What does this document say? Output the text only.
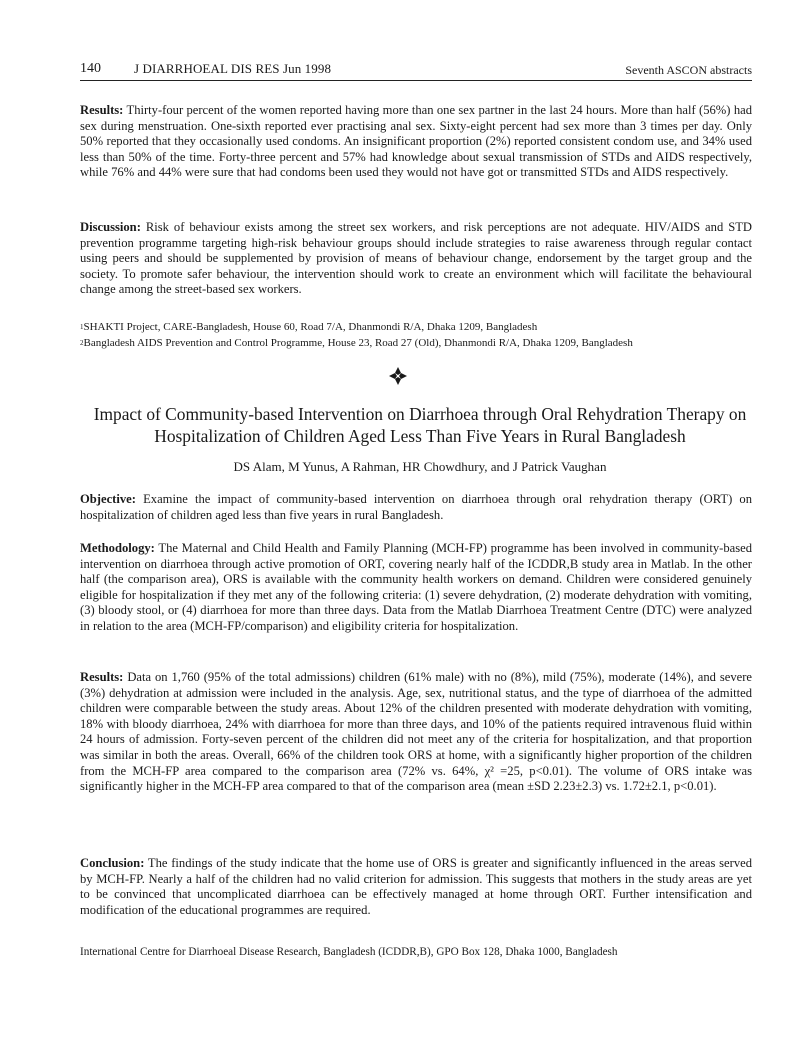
140	J DIARRHOEAL DIS RES Jun 1998	Seventh ASCON abstracts

Results: Thirty-four percent of the women reported having more than one sex partner in the last 24 hours. More than half (56%) had sex during menstruation. One-sixth reported ever practising anal sex. Sixty-eight percent had sex more than 3 times per day. Only 50% reported that they occasionally used condoms. An insignificant proportion (2%) reported consistent condom use, and 34% used less than 50% of the time. Forty-three percent and 57% had knowledge about sexual transmission of STDs and AIDS respectively, while 76% and 44% were sure that had condoms been used they would not have got or transmitted STDs and AIDS respectively.

Discussion: Risk of behaviour exists among the street sex workers, and risk perceptions are not adequate. HIV/AIDS and STD prevention programme targeting high-risk behaviour groups should include strategies to raise awareness through regular contact using peers and should be supplemented by provision of means of behaviour change, endorsement by the target group and the society. To promote safer behaviour, the intervention should work to create an environment which will facilitate the behavioural change among the street-based sex workers.

$^1$SHAKTI Project, CARE-Bangladesh, House 60, Road 7/A, Dhanmondi R/A, Dhaka 1209, Bangladesh

$^2$Bangladesh AIDS Prevention and Control Programme, House 23, Road 27 (Old), Dhanmondi R/A, Dhaka 1209, Bangladesh

Impact of Community-based Intervention on Diarrhoea through Oral Rehydration Therapy on
Hospitalization of Children Aged Less Than Five Years in Rural Bangladesh

DS Alam, M Yunus, A Rahman, HR Chowdhury, and J Patrick Vaughan

Objective: Examine the impact of community-based intervention on diarrhoea through oral rehydration therapy (ORT) on hospitalization of children aged less than five years in rural Bangladesh.

Methodology: The Maternal and Child Health and Family Planning (MCH-FP) programme has been involved in community-based intervention on diarrhoea through active promotion of ORT, covering nearly half of the ICDDR,B study area in Matlab. In the other half (the comparison area), ORS is available with the community health workers on demand. Children were considered genuinely eligible for hospitalization if they met any of the following criteria: (1) severe dehydration, (2) moderate dehydration with vomiting, (3) bloody stool, or (4) diarrhoea for more than three days. Data from the Matlab Diarrhoea Treatment Centre (DTC) were analyzed in relation to the area (MCH-FP/comparison) and eligibility criteria for hospitalization.

Results: Data on 1,760 (95% of the total admissions) children (61% male) with no (8%), mild (75%), moderate (14%), and severe (3%) dehydration at admission were included in the analysis. Age, sex, nutritional status, and the type of diarrhoea of the admitted children were comparable between the study areas. About 12% of the children presented with moderate dehydration with vomiting, 18% with bloody diarrhoea, 24% with diarrhoea for more than three days, and 10% of the patients required intravenous fluid within 24 hours of admission. Forty-seven percent of the children did not meet any of the criteria for hospitalization, and that proportion was similar in both the areas. Overall, 66% of the children took ORS at home, with a significantly higher proportion of the children from the MCH-FP area compared to the comparison area (72% vs. 64%, χ² =25, p<0.01). The volume of ORS intake was significantly higher in the MCH-FP area compared to that of the comparison area (mean ±SD 2.23±2.3) vs. 1.72±2.1, p<0.01).

Conclusion: The findings of the study indicate that the home use of ORS is greater and significantly influenced in the areas served by MCH-FP. Nearly a half of the children had no valid criterion for admission. This suggests that mothers in the study areas are yet to be convinced that uncomplicated diarrhoea can be effectively managed at home through ORT. Further intensification and modification of the educational programmes are required.

International Centre for Diarrhoeal Disease Research, Bangladesh (ICDDR,B), GPO Box 128, Dhaka 1000, Bangladesh
